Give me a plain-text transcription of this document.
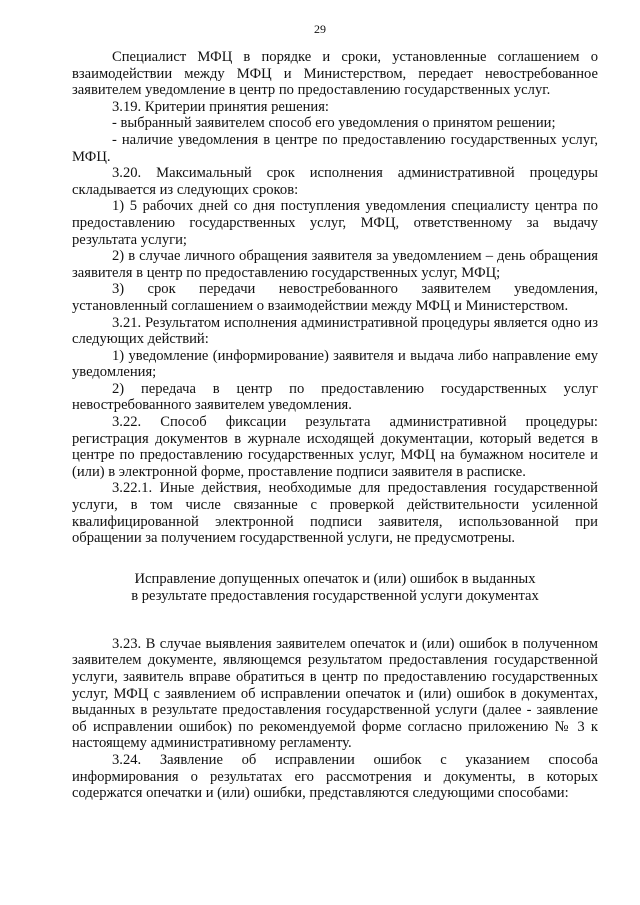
29

Специалист МФЦ в порядке и сроки, установленные соглашением о взаимодействии между МФЦ и Министерством, передает невостребованное заявителем уведомление в центр по предоставлению государственных услуг.

3.19. Критерии принятия решения:

- выбранный заявителем способ его уведомления о принятом решении;

- наличие уведомления в центре по предоставлению государственных услуг, МФЦ.

3.20. Максимальный срок исполнения административной процедуры складывается из следующих сроков:

1) 5 рабочих дней со дня поступления уведомления специалисту центра по предоставлению государственных услуг, МФЦ, ответственному за выдачу результата услуги;

2) в случае личного обращения заявителя за уведомлением – день обращения заявителя в центр по предоставлению государственных услуг, МФЦ;

3) срок передачи невостребованного заявителем уведомления, установленный соглашением о взаимодействии между МФЦ и Министерством.

3.21. Результатом исполнения административной процедуры является одно из следующих действий:

1) уведомление (информирование) заявителя и выдача либо направление ему уведомления;

2) передача в центр по предоставлению государственных услуг невостребованного заявителем уведомления.

3.22. Способ фиксации результата административной процедуры: регистрация документов в журнале исходящей документации, который ведется в центре по предоставлению государственных услуг, МФЦ на бумажном носителе и (или) в электронной форме, проставление подписи заявителя в расписке.

3.22.1. Иные действия, необходимые для предоставления государственной услуги, в том числе связанные с проверкой действительности усиленной квалифицированной электронной подписи заявителя, использованной при обращении за получением государственной услуги, не предусмотрены.

Исправление допущенных опечаток и (или) ошибок в выданных

в результате предоставления государственной услуги документах

3.23. В случае выявления заявителем опечаток и (или) ошибок в полученном заявителем документе, являющемся результатом предоставления государственной услуги, заявитель вправе обратиться в центр по предоставлению государственных услуг, МФЦ с заявлением об исправлении опечаток и (или) ошибок в документах, выданных в результате предоставления государственной услуги (далее - заявление об исправлении ошибок) по рекомендуемой форме согласно приложению № 3 к настоящему административному регламенту.

3.24. Заявление об исправлении ошибок с указанием способа информирования о результатах его рассмотрения и документы, в которых содержатся опечатки и (или) ошибки, представляются следующими способами:
